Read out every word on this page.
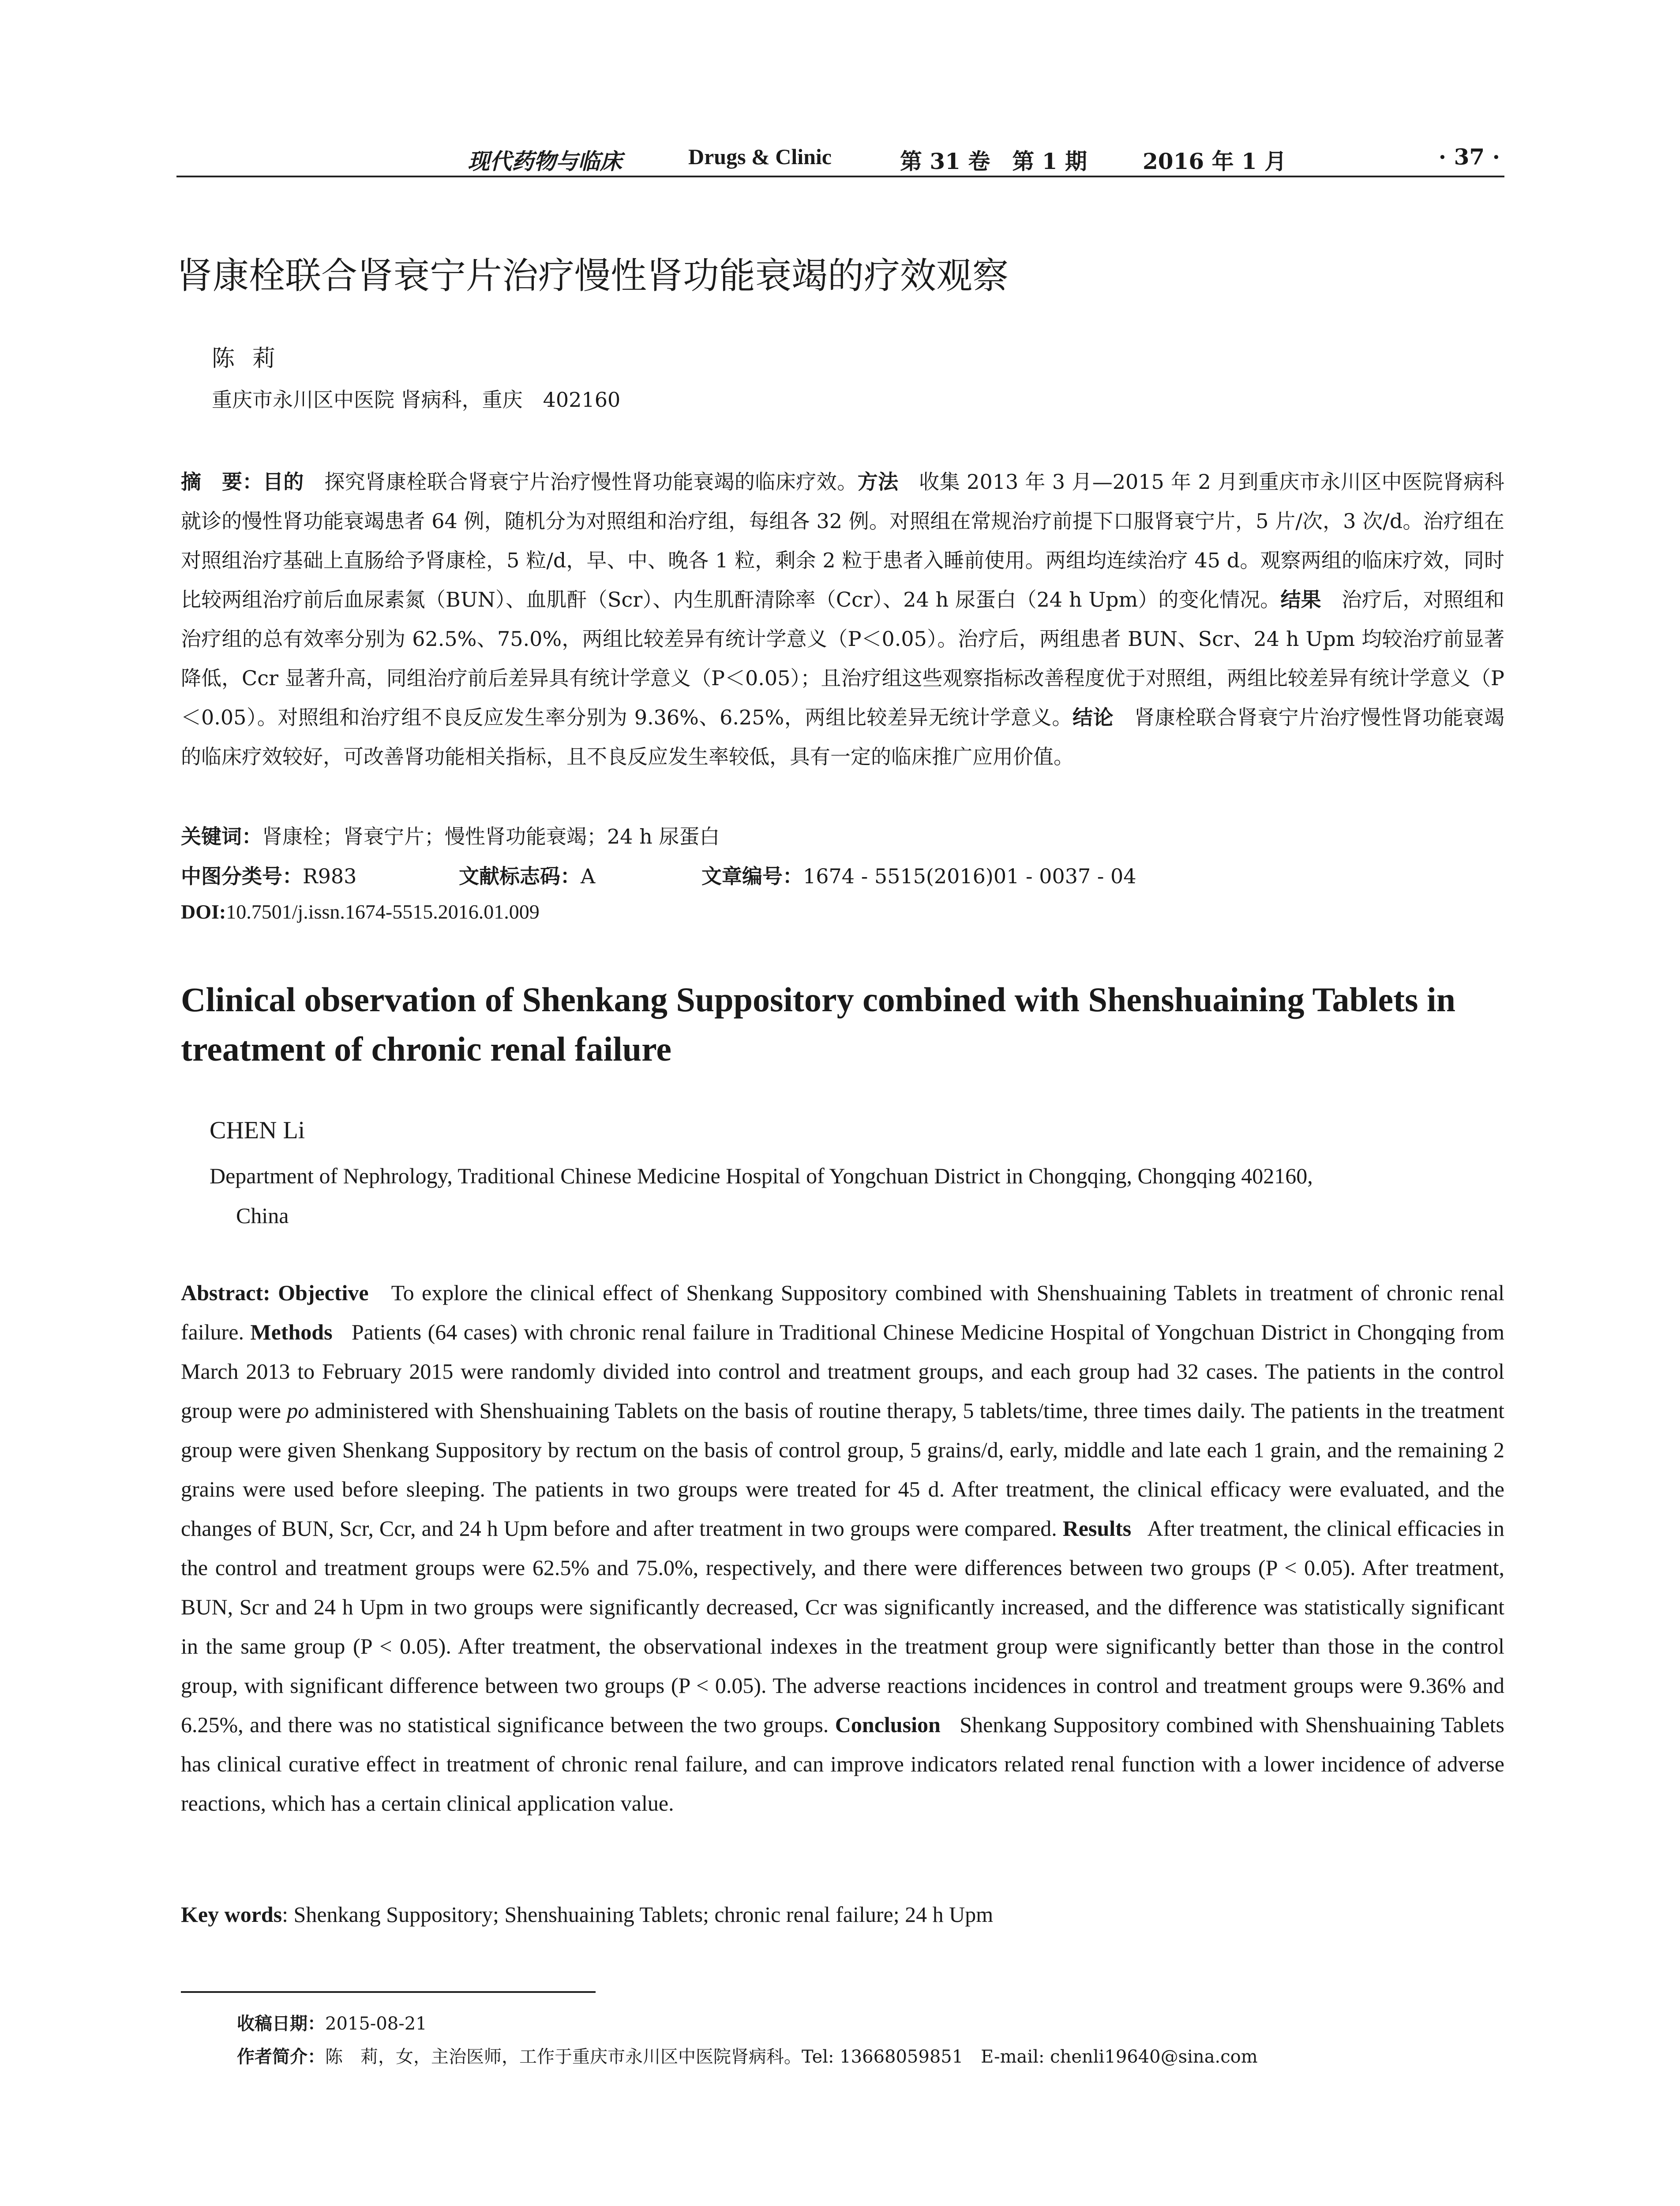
现代药物与临床	Drugs & Clinic	第 31 卷　第 1 期	2016 年 1 月	· 37 ·
肾康栓联合肾衰宁片治疗慢性肾功能衰竭的疗效观察
陈莉
重庆市永川区中医院 肾病科，重庆　402160
摘　要：目的　 探究肾康栓联合肾衰宁片治疗慢性肾功能衰竭的临床疗效。方法　 收集 2013 年 3 月—2015 年 2 月到重庆市永川区中医院肾病科就诊的慢性肾功能衰竭患者 64 例，随机分为对照组和治疗组，每组各 32 例。对照组在常规治疗前提下口服肾衰宁片，5 片/次，3 次/d。治疗组在对照组治疗基础上直肠给予肾康栓，5 粒/d，早、中、晚各 1 粒，剩余 2 粒于患者入睡前使用。两组均连续治疗 45 d。观察两组的临床疗效，同时比较两组治疗前后血尿素氮（BUN）、血肌酐（Scr）、内生肌酐清除率（Ccr）、24 h 尿蛋白（24 h Upm）的变化情况。结果　 治疗后，对照组和治疗组的总有效率分别为 62.5%、75.0%，两组比较差异有统计学意义（P＜0.05）。治疗后，两组患者 BUN、Scr、24 h Upm 均较治疗前显著降低，Ccr 显著升高，同组治疗前后差异具有统计学意义（P＜0.05）；且治疗组这些观察指标改善程度优于对照组，两组比较差异有统计学意义（P＜0.05）。对照组和治疗组不良反应发生率分别为 9.36%、6.25%，两组比较差异无统计学意义。结论　 肾康栓联合肾衰宁片治疗慢性肾功能衰竭的临床疗效较好，可改善肾功能相关指标，且不良反应发生率较低，具有一定的临床推广应用价值。
关键词：肾康栓；肾衰宁片；慢性肾功能衰竭；24 h 尿蛋白
中图分类号：R983	文献标志码：A	文章编号：1674 - 5515(2016)01 - 0037 - 04
DOI:10.7501/j.issn.1674-5515.2016.01.009
Clinical observation of Shenkang Suppository combined with Shenshuaining Tablets in treatment of chronic renal failure
CHEN Li
Department of Nephrology, Traditional Chinese Medicine Hospital of Yongchuan District in Chongqing, Chongqing 402160,
China
Abstract: Objective To explore the clinical effect of Shenkang Suppository combined with Shenshuaining Tablets in treatment of chronic renal failure. Methods Patients (64 cases) with chronic renal failure in Traditional Chinese Medicine Hospital of Yongchuan District in Chongqing from March 2013 to February 2015 were randomly divided into control and treatment groups, and each group had 32 cases. The patients in the control group were po administered with Shenshuaining Tablets on the basis of routine therapy, 5 tablets/time, three times daily. The patients in the treatment group were given Shenkang Suppository by rectum on the basis of control group, 5 grains/d, early, middle and late each 1 grain, and the remaining 2 grains were used before sleeping. The patients in two groups were treated for 45 d. After treatment, the clinical efficacy were evaluated, and the changes of BUN, Scr, Ccr, and 24 h Upm before and after treatment in two groups were compared. Results After treatment, the clinical efficacies in the control and treatment groups were 62.5% and 75.0%, respectively, and there were differences between two groups (P < 0.05). After treatment, BUN, Scr and 24 h Upm in two groups were significantly decreased, Ccr was significantly increased, and the difference was statistically significant in the same group (P < 0.05). After treatment, the observational indexes in the treatment group were significantly better than those in the control group, with significant difference between two groups (P < 0.05). The adverse reactions incidences in control and treatment groups were 9.36% and 6.25%, and there was no statistical significance between the two groups. Conclusion Shenkang Suppository combined with Shenshuaining Tablets has clinical curative effect in treatment of chronic renal failure, and can improve indicators related renal function with a lower incidence of adverse reactions, which has a certain clinical application value.
Key words: Shenkang Suppository; Shenshuaining Tablets; chronic renal failure; 24 h Upm
收稿日期：2015-08-21
作者简介：陈　莉，女，主治医师，工作于重庆市永川区中医院肾病科。Tel: 13668059851　E-mail: chenli19640@sina.com
